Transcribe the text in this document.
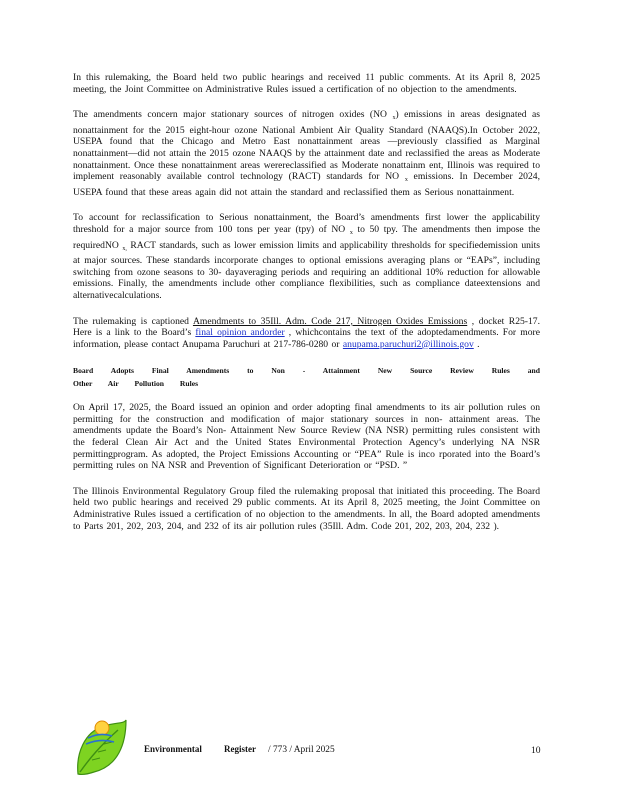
In this rulemaking, the Board held two public hearings and received 11 public comments. At its April 8, 2025 meeting, the Joint Committee on Administrative Rules issued a certification of no objection to the amendments.

The amendments concern major stationary sources of nitrogen oxides (NO $_x$) emissions in areas designated as nonattainment for the 2015 eight-hour ozone National Ambient Air Quality Standard (NAAQS).In October 2022, USEPA found that the Chicago and Metro East nonattainment areas —previously classified as Marginal nonattainment—did not attain the 2015 ozone NAAQS by the attainment date and reclassified the areas as Moderate nonattainment. Once these nonattainment areas werereclassified as Moderate nonattainm ent, Illinois was required to implement reasonably available control technology (RACT) standards for NO $_x$ emissions. In December 2024, USEPA found that these areas again did not attain the standard and reclassified them as Serious nonattainment.

To account for reclassification to Serious nonattainment, the Board’s amendments first lower the applicability threshold for a major source from 100 tons per year (tpy) of NO $_x$ to 50 tpy. The amendments then impose the requiredNO $_{x,}$ RACT standards, such as lower emission limits and applicability thresholds for specifiedemission units at major sources. These standards incorporate changes to optional emissions averaging plans or “EAPs”, including switching from ozone seasons to 30- dayaveraging periods and requiring an additional 10% reduction for allowable emissions. Finally, the amendments include other compliance flexibilities, such as compliance dateextensions and alternativecalculations.

The rulemaking is captioned Amendments to 35Ill. Adm. Code 217, Nitrogen Oxides Emissions , docket R25-17. Here is a link to the Board’s final opinion andorder , whichcontains the text of the adoptedamendments. For more information, please contact Anupama Paruchuri at 217-786-0280 or anupama.paruchuri2@illinois.gov .

Board Adopts Final Amendments to Non - Attainment New Source Review Rules and Other Air Pollution Rules

On April 17, 2025, the Board issued an opinion and order adopting final amendments to its air pollution rules on permitting for the construction and modification of major stationary sources in non- attainment areas. The amendments update the Board’s Non- Attainment New Source Review (NA NSR) permitting rules consistent with the federal Clean Air Act and the United States Environmental Protection Agency’s underlying NA NSR permittingprogram. As adopted, the Project Emissions Accounting or “PEA” Rule is inco rporated into the Board’s permitting rules on NA NSR and Prevention of Significant Deterioration or “PSD. ”

The Illinois Environmental Regulatory Group filed the rulemaking proposal that initiated this proceeding. The Board held two public hearings and received 29 public comments. At its April 8, 2025 meeting, the Joint Committee on Administrative Rules issued a certification of no objection to the amendments. In all, the Board adopted amendments to Parts 201, 202, 203, 204, and 232 of its air pollution rules (35Ill. Adm. Code 201, 202, 203, 204, 232 ).

Environmental Register / 773 / April 2025	10
